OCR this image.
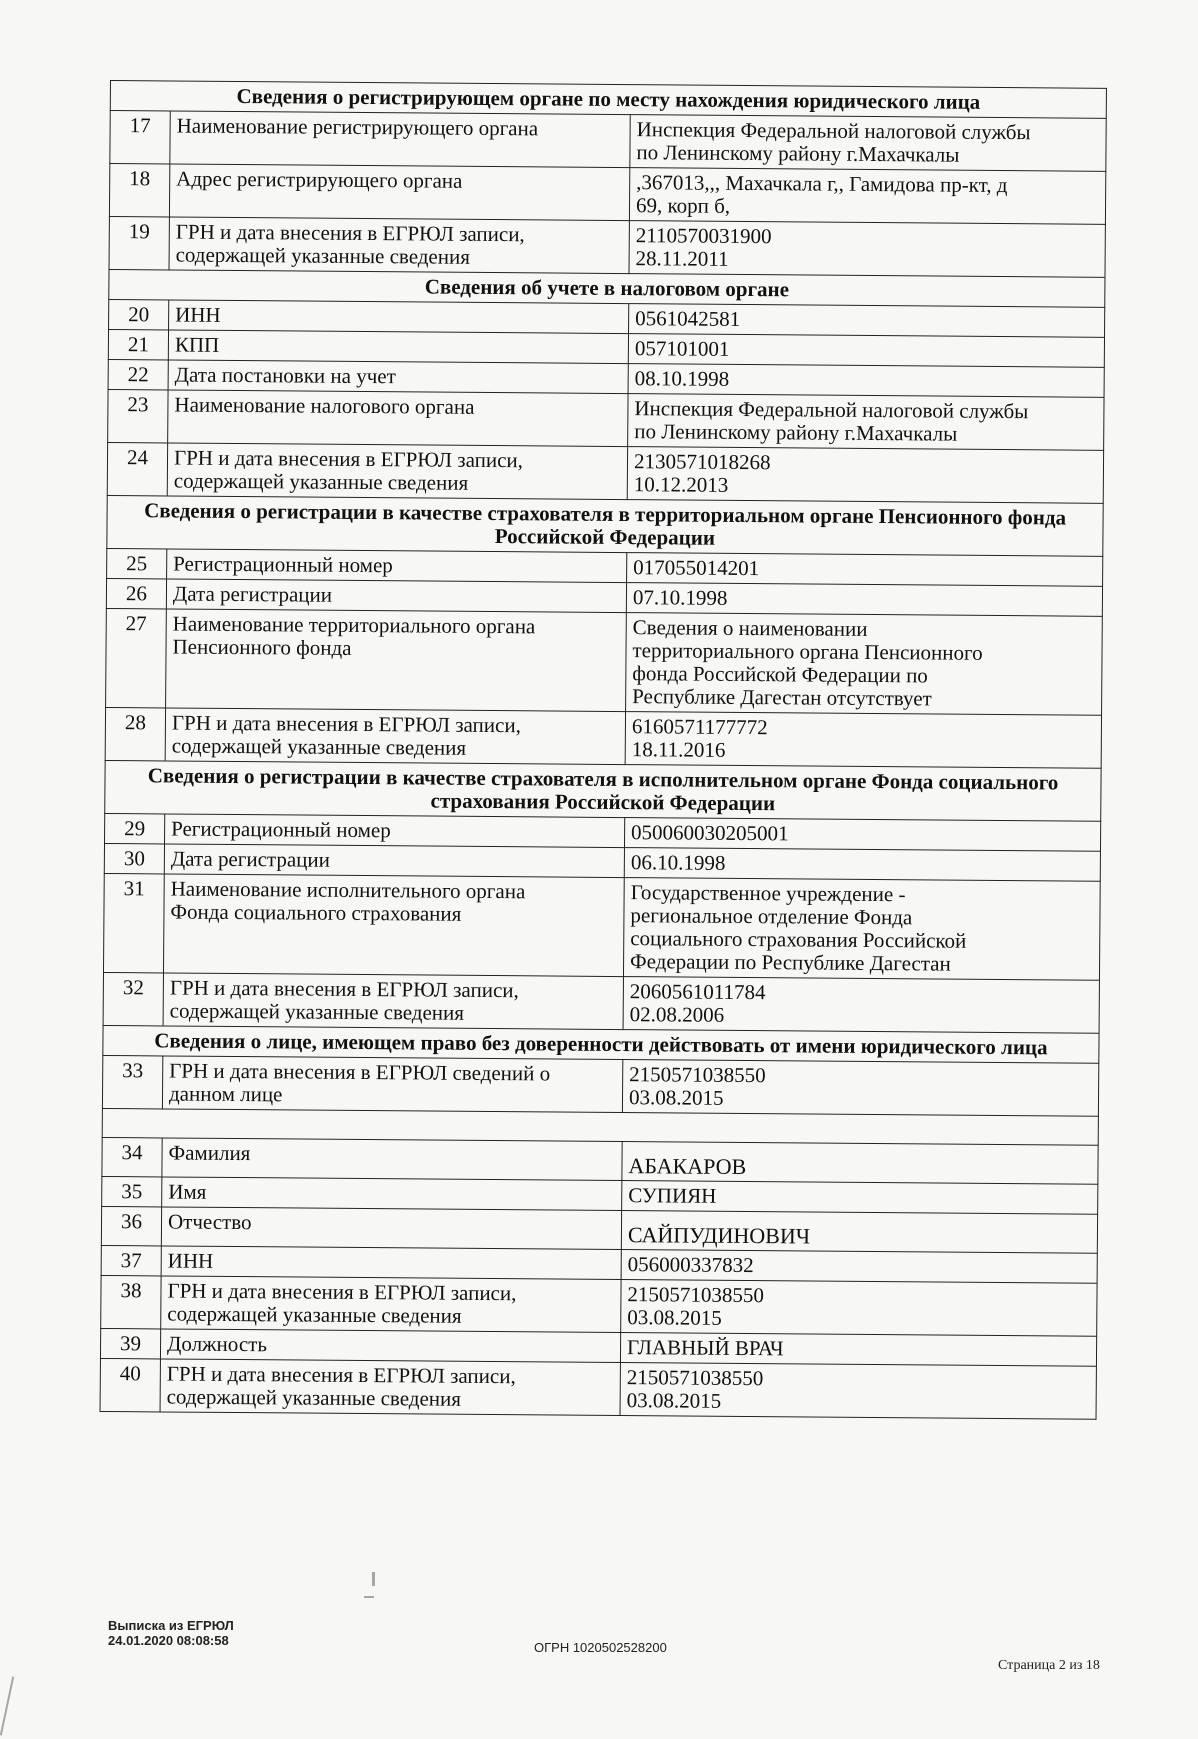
Сведения о регистрирующем органе по месту нахождения юридического лица		
17	Наименование регистрирующего органа	Инспекция Федеральной налоговой службы
по Ленинскому району г.Махачкалы
18	Адрес регистрирующего органа	,367013,,, Махачкала г,, Гамидова пр-кт, д
69, корп б,
19	ГРН и дата внесения в ЕГРЮЛ записи,
содержащей указанные сведения	2110570031900
28.11.2011
Сведения об учете в налоговом органе		
20	ИНН	0561042581
21	КПП	057101001
22	Дата постановки на учет	08.10.1998
23	Наименование налогового органа	Инспекция Федеральной налоговой службы
по Ленинскому району г.Махачкалы
24	ГРН и дата внесения в ЕГРЮЛ записи,
содержащей указанные сведения	2130571018268
10.12.2013
Сведения о регистрации в качестве страхователя в территориальном органе Пенсионного фонда Российской Федерации		
25	Регистрационный номер	017055014201
26	Дата регистрации	07.10.1998
27	Наименование территориального органа
Пенсионного фонда	Сведения о наименовании
территориального органа Пенсионного
фонда Российской Федерации по
Республике Дагестан отсутствует
28	ГРН и дата внесения в ЕГРЮЛ записи,
содержащей указанные сведения	6160571177772
18.11.2016
Сведения о регистрации в качестве страхователя в исполнительном органе Фонда социального страхования Российской Федерации		
29	Регистрационный номер	050060030205001
30	Дата регистрации	06.10.1998
31	Наименование исполнительного органа
Фонда социального страхования	Государственное учреждение -
региональное отделение Фонда
социального страхования Российской
Федерации по Республике Дагестан
32	ГРН и дата внесения в ЕГРЮЛ записи,
содержащей указанные сведения	2060561011784
02.08.2006
Сведения о лице, имеющем право без доверенности действовать от имени юридического лица		
33	ГРН и дата внесения в ЕГРЮЛ сведений о
данном лице	2150571038550
03.08.2015

34	Фамилия	АБАКАРОВ
35	Имя	СУПИЯН
36	Отчество	САЙПУДИНОВИЧ
37	ИНН	056000337832
38	ГРН и дата внесения в ЕГРЮЛ записи,
содержащей указанные сведения	2150571038550
03.08.2015
39	Должность	ГЛАВНЫЙ ВРАЧ
40	ГРН и дата внесения в ЕГРЮЛ записи,
содержащей указанные сведения	2150571038550
03.08.2015
Выписка из ЕГРЮЛ
24.01.2020 08:08:58	ОГРН 1020502528200
Страница 2 из 18
